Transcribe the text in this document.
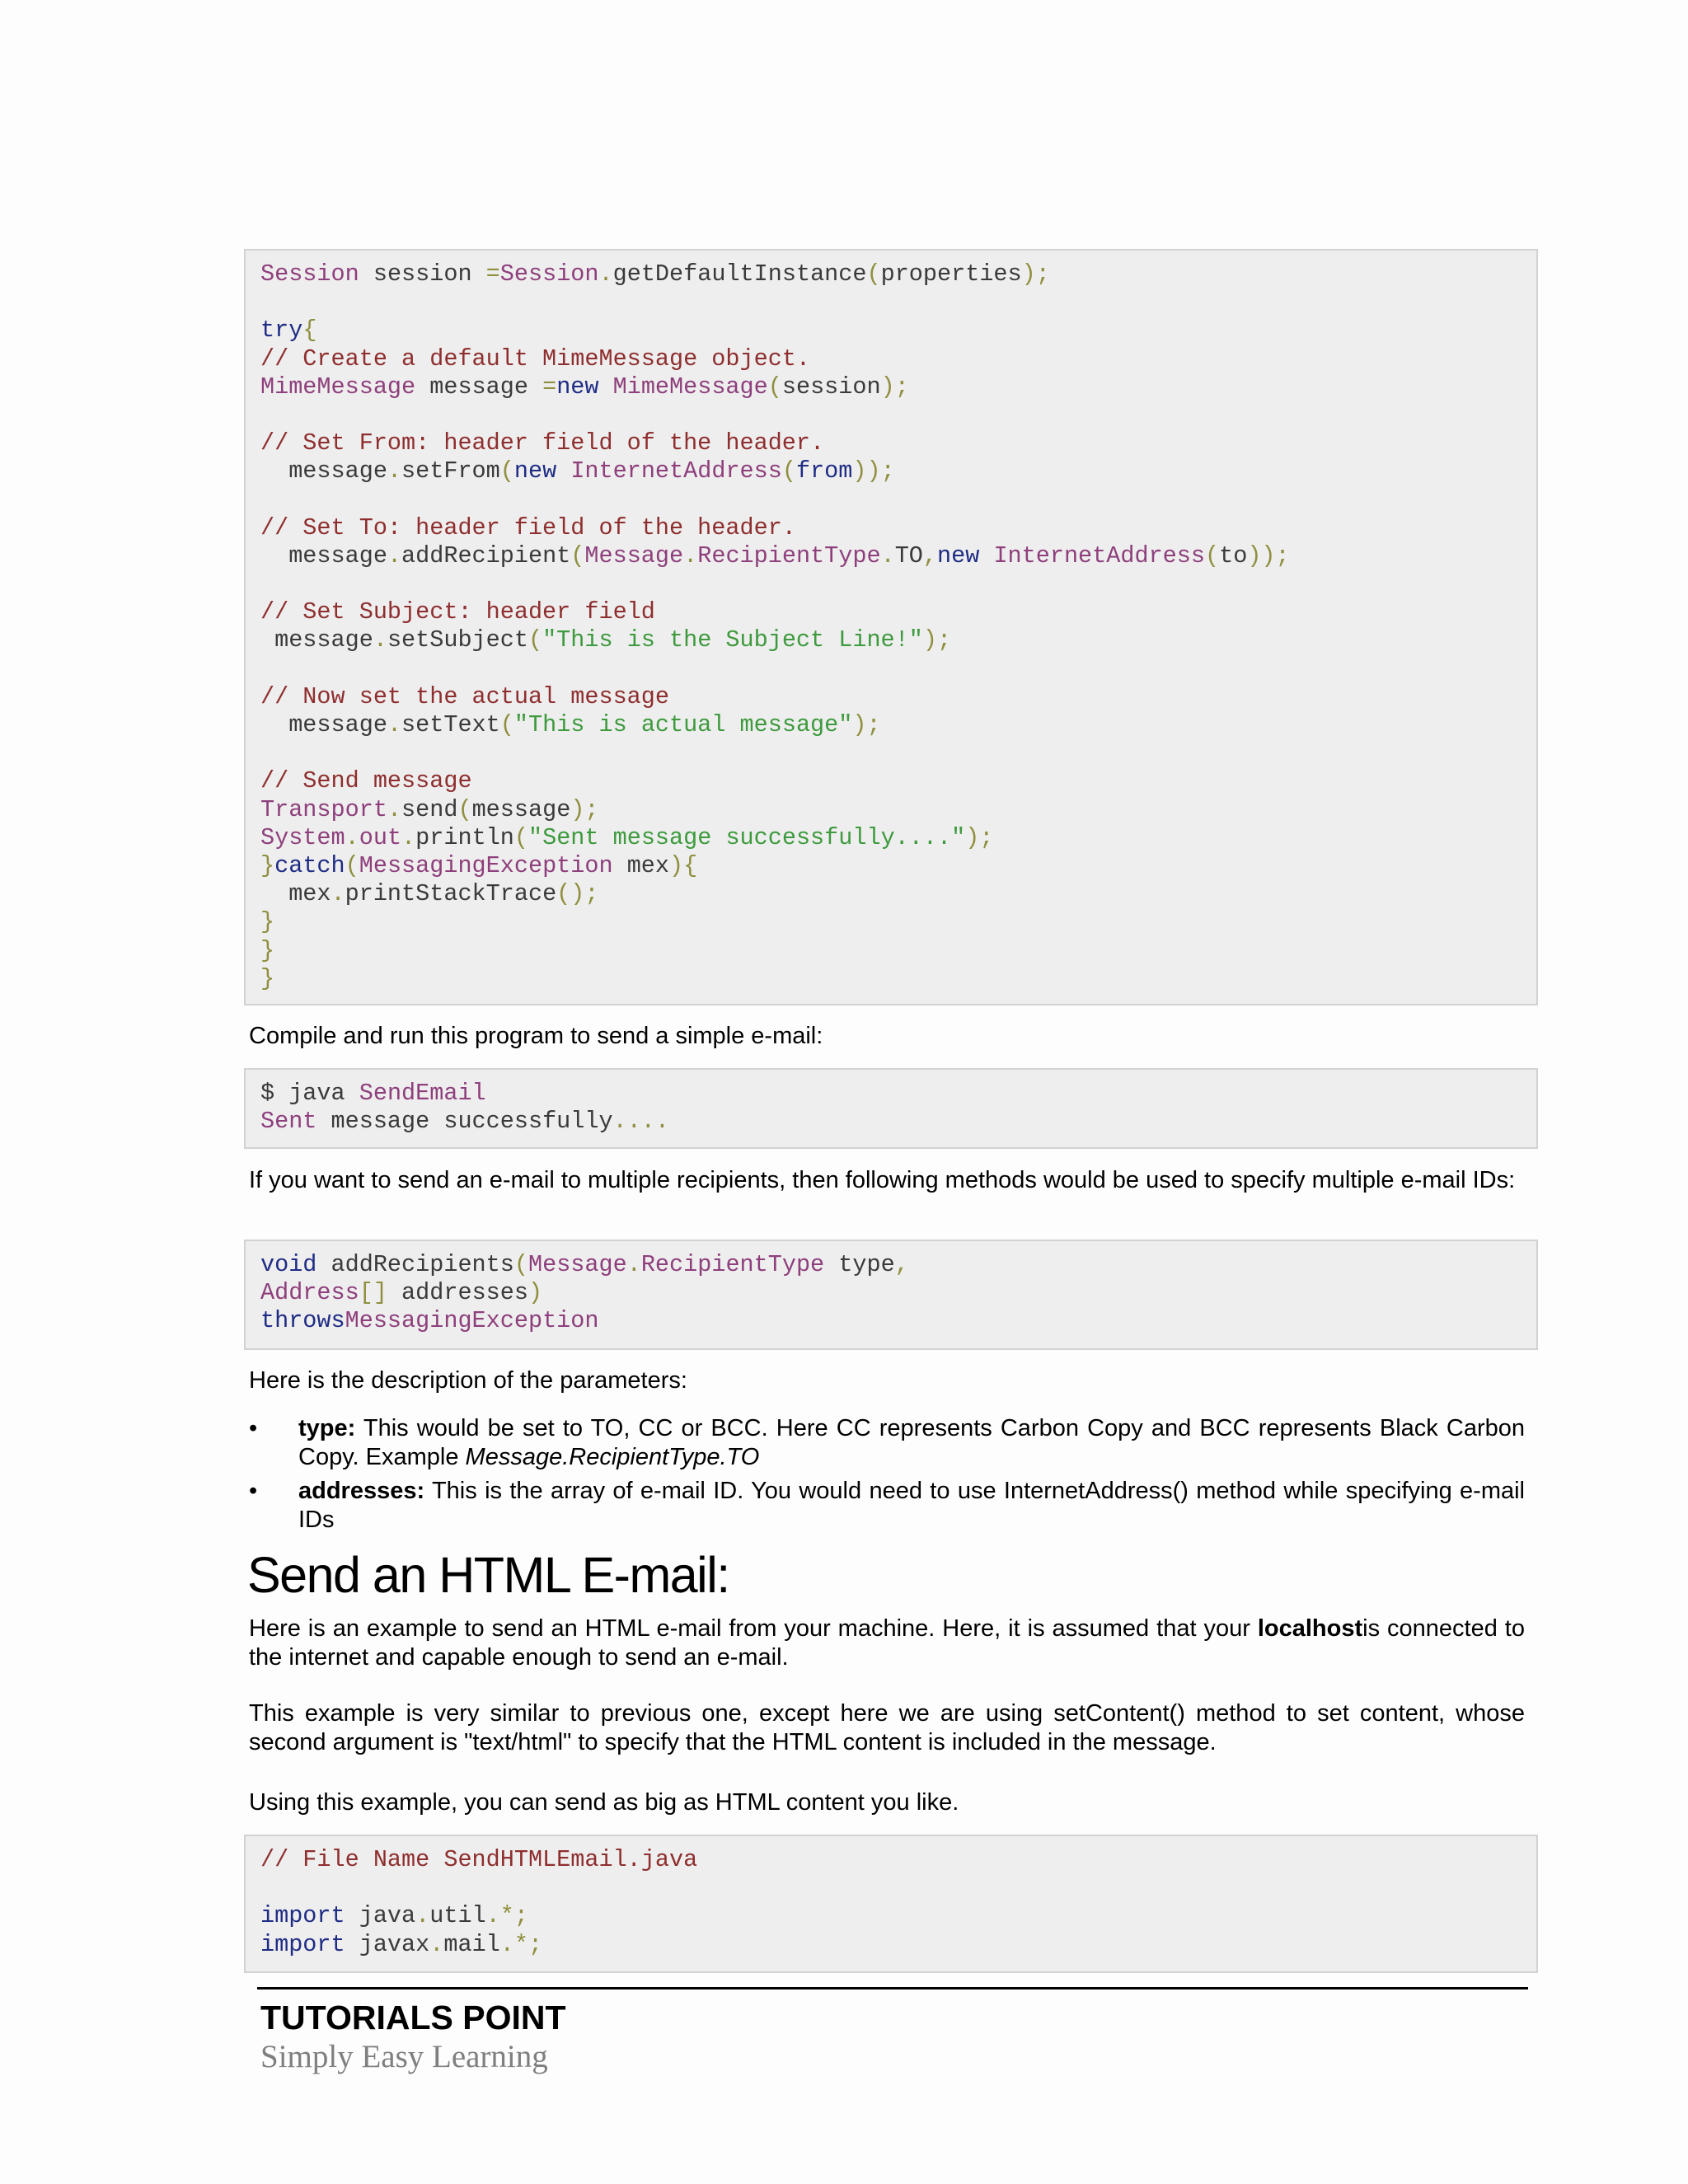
Session session =Session.getDefaultInstance(properties);

try{
// Create a default MimeMessage object.
MimeMessage message =new MimeMessage(session);

// Set From: header field of the header.
message.setFrom(new InternetAddress(from));

// Set To: header field of the header.
message.addRecipient(Message.RecipientType.TO,new InternetAddress(to));

// Set Subject: header field
message.setSubject("This is the Subject Line!");

// Now set the actual message
message.setText("This is actual message");

// Send message
Transport.send(message);
System.out.println("Sent message successfully....");
}catch(MessagingException mex){
mex.printStackTrace();
}
}
}
Compile and run this program to send a simple e-mail:
$ java SendEmail
Sent message successfully....
If you want to send an e-mail to multiple recipients, then following methods would be used to specify multiple e-mail IDs:
void addRecipients(Message.RecipientType type,
Address[] addresses)
throwsMessagingException
Here is the description of the parameters:
• type: This would be set to TO, CC or BCC. Here CC represents Carbon Copy and BCC represents Black Carbon Copy. Example Message.RecipientType.TO
• addresses: This is the array of e-mail ID. You would need to use InternetAddress() method while specifying e-mail IDs
Send an HTML E-mail:
Here is an example to send an HTML e-mail from your machine. Here, it is assumed that your localhostis connected to the internet and capable enough to send an e-mail.
This example is very similar to previous one, except here we are using setContent() method to set content, whose second argument is "text/html" to specify that the HTML content is included in the message.
Using this example, you can send as big as HTML content you like.
// File Name SendHTMLEmail.java

import java.util.*;
import javax.mail.*;
TUTORIALS POINT
Simply Easy Learning
